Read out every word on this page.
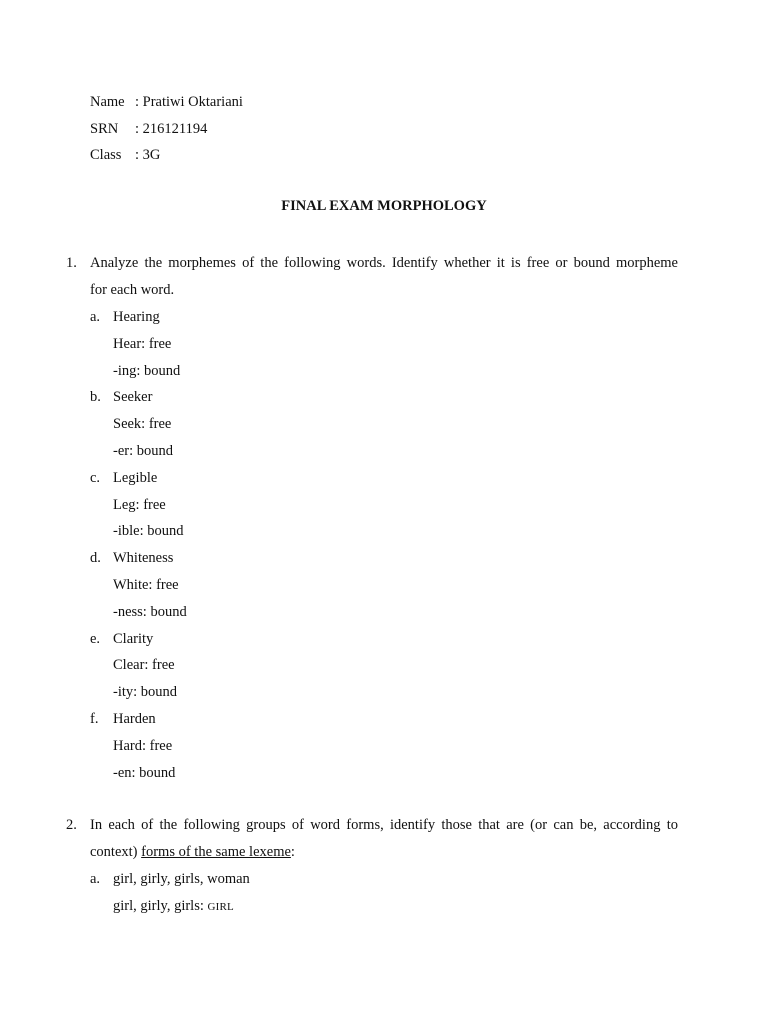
Name : Pratiwi Oktariani
SRN : 216121194
Class : 3G
FINAL EXAM MORPHOLOGY
1. Analyze the morphemes of the following words. Identify whether it is free or bound morpheme
for each word.
a. Hearing
Hear: free
-ing: bound
b. Seeker
Seek: free
-er: bound
c. Legible
Leg: free
-ible: bound
d. Whiteness
White: free
-ness: bound
e. Clarity
Clear: free
-ity: bound
f. Harden
Hard: free
-en: bound
2. In each of the following groups of word forms, identify those that are (or can be, according to
context) forms of the same lexeme:
a. girl, girly, girls, woman
girl, girly, girls: GIRL
